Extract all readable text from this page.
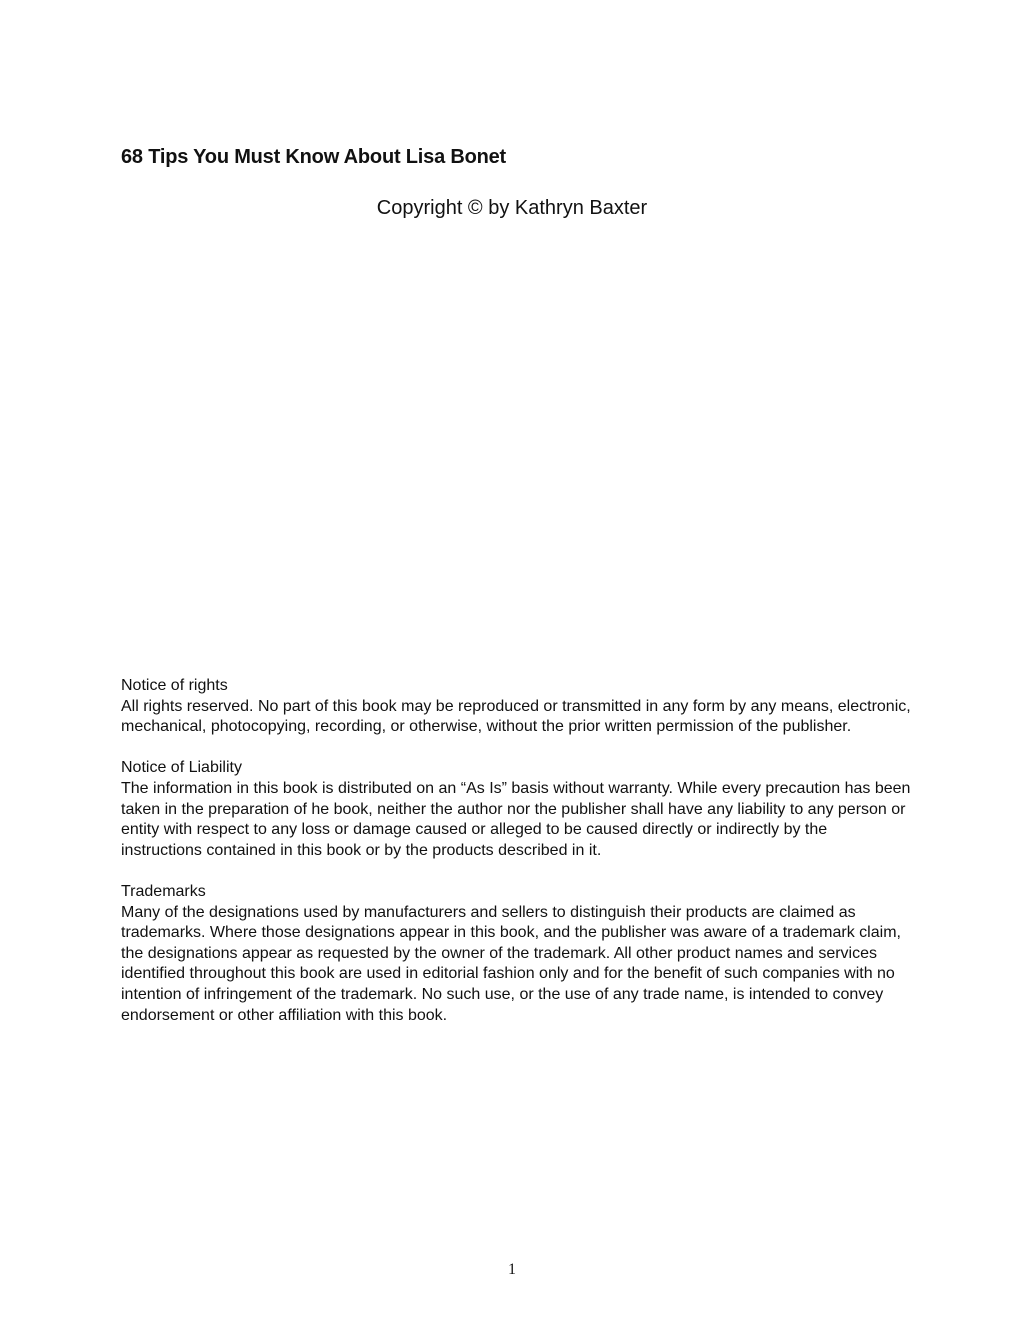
68 Tips You Must Know About Lisa Bonet
Copyright © by Kathryn Baxter
Notice of rights
All rights reserved. No part of this book may be reproduced or transmitted in any form by any means, electronic, mechanical, photocopying, recording, or otherwise, without the prior written permission of the publisher.
Notice of Liability
The information in this book is distributed on an “As Is” basis without warranty. While every precaution has been taken in the preparation of he book, neither the author nor the publisher shall have any liability to any person or entity with respect to any loss or damage caused or alleged to be caused directly or indirectly by the instructions contained in this book or by the products described in it.
Trademarks
Many of the designations used by manufacturers and sellers to distinguish their products are claimed as trademarks. Where those designations appear in this book, and the publisher was aware of a trademark claim, the designations appear as requested by the owner of the trademark. All other product names and services identified throughout this book are used in editorial fashion only and for the benefit of such companies with no intention of infringement of the trademark. No such use, or the use of any trade name, is intended to convey endorsement or other affiliation with this book.
1
